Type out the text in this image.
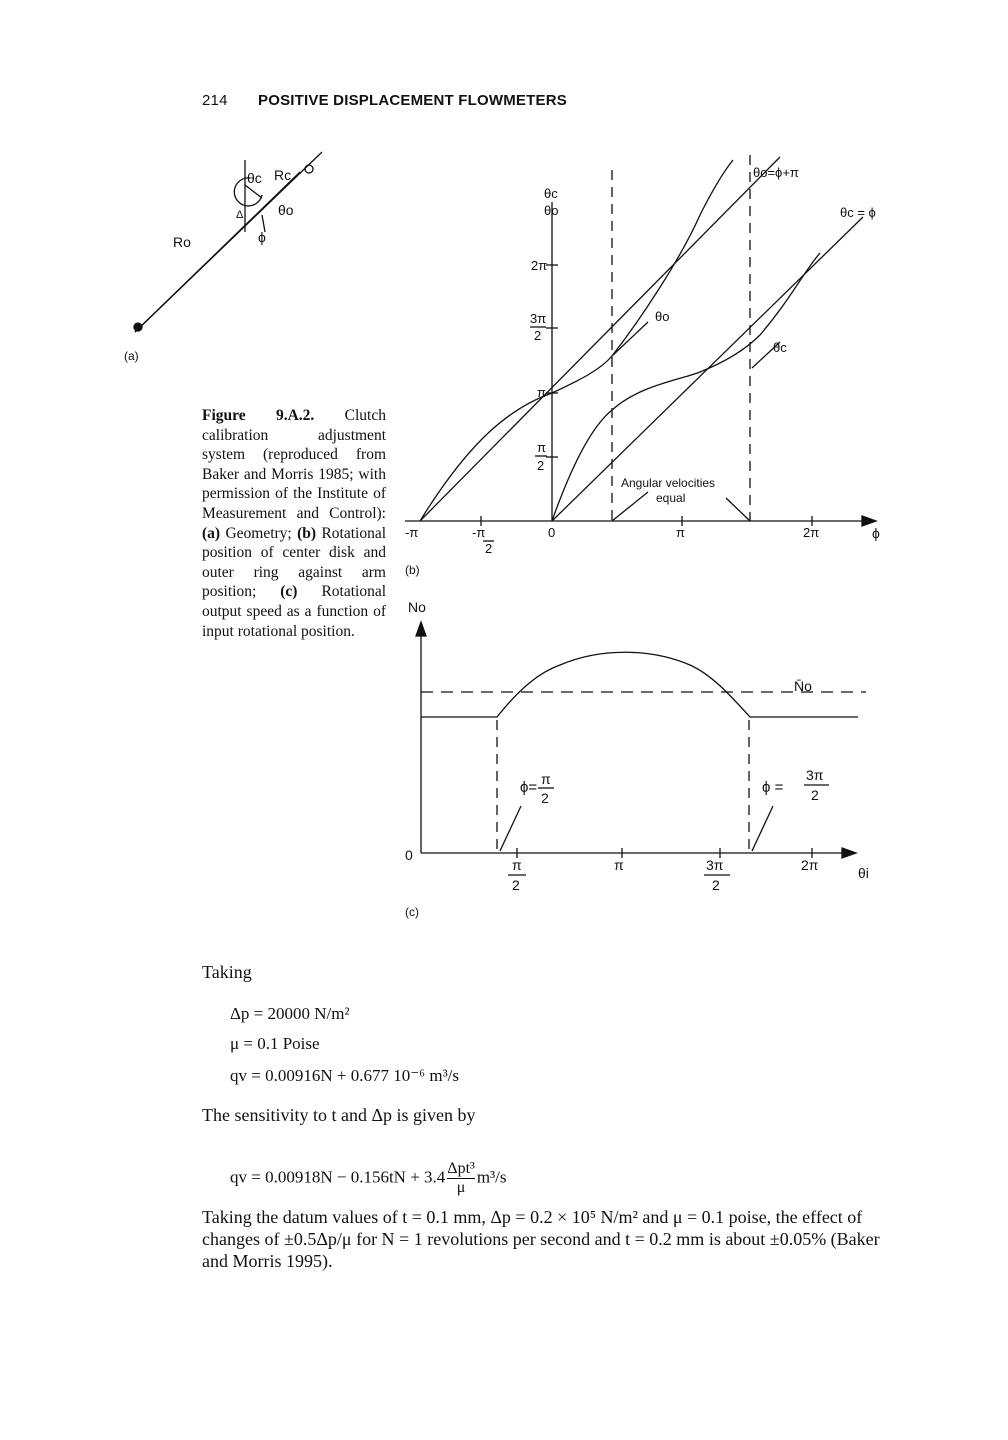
214 POSITIVE DISPLACEMENT FLOWMETERS
θc Rc
θo
Ro	ϕ
Δ
(a)
θc
θo
2π
3π
2
π
π
2
-π	-π
2
0	π	2π	ϕ
θo=ϕ+π
θc = ϕ
θo
θc
Angular velocities
equal
(b)
No
0
N̄o
π
2
π	3π
2
2π	θi
ϕ= π
2
ϕ =
3π
2
(c)
Figure 9.A.2. Clutch calibration adjustment system (reproduced from Baker and Morris 1985; with permission of the Institute of Measurement and Control): (a) Geometry; (b) Rotational position of center disk and outer ring against arm position; (c) Rotational output speed as a function of input rotational position.
Taking
Δp = 20000 N/m²
μ = 0.1 Poise
qv = 0.00916N + 0.677 10⁻⁶ m³/s
The sensitivity to t and Δp is given by
qv = 0.00918N − 0.156tN + 3.4 Δpt³
μ
m³/s
Taking the datum values of t = 0.1 mm, Δp = 0.2 × 10⁵ N/m² and μ = 0.1 poise, the effect of changes of ±0.5Δp/μ for N = 1 revolutions per second and t = 0.2 mm is about ±0.05% (Baker and Morris 1995).
